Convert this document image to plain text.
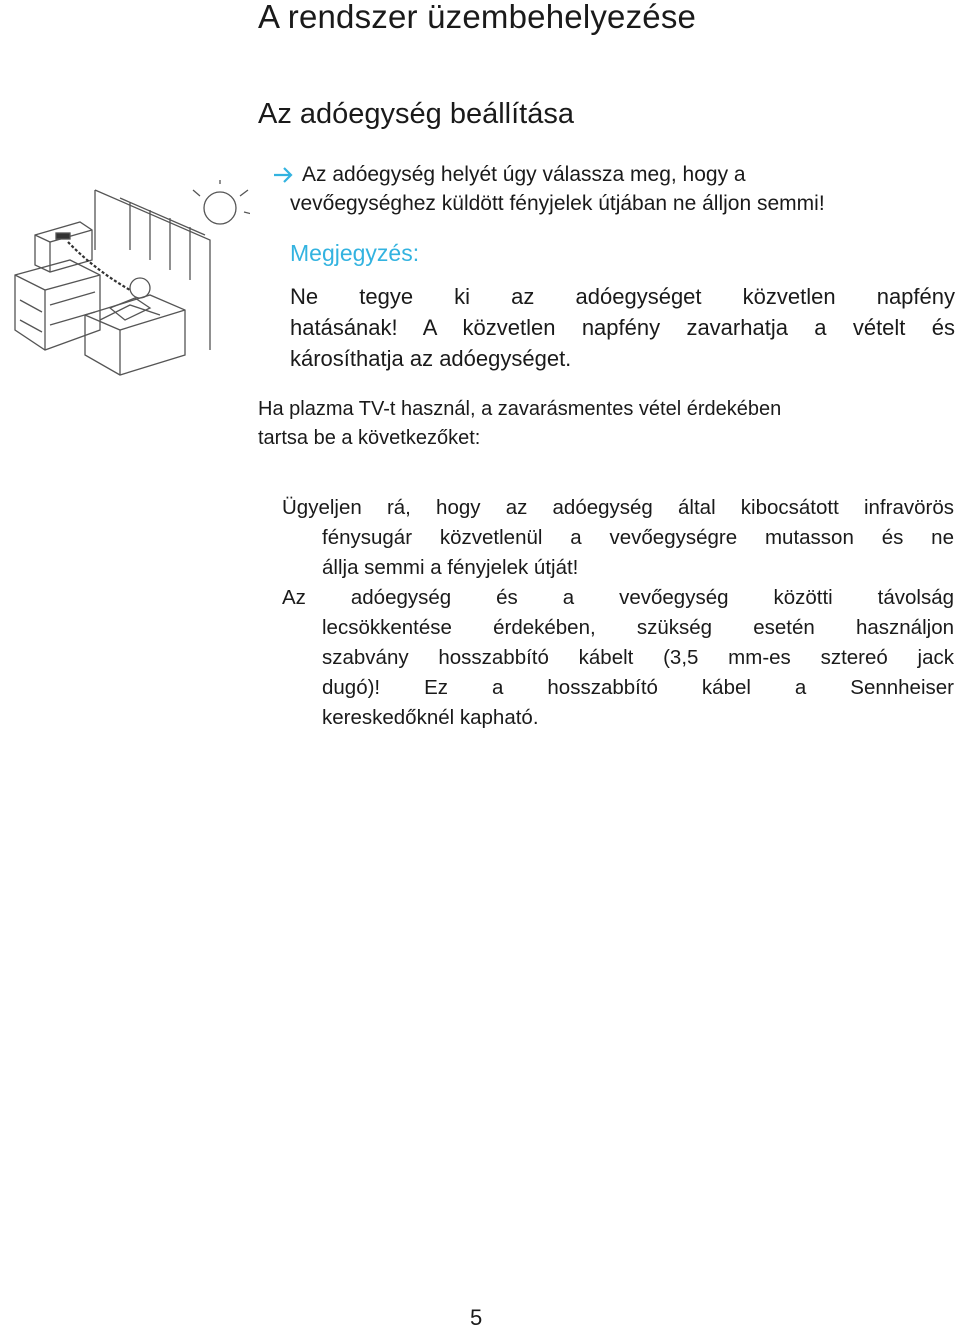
A rendszer üzembehelyezése
Az adóegység beállítása
Az adóegység helyét úgy válassza meg, hogy a
vevőegységhez küldött fényjelek útjában ne álljon semmi!
Megjegyzés:
Ne tegye ki az adóegységet közvetlen napfény
hatásának! A közvetlen napfény zavarhatja a vételt és
károsíthatja az adóegységet.
Ha plazma TV-t használ, a zavarásmentes vétel érdekében
tartsa be a következőket:
Ügyeljen rá, hogy az adóegység által kibocsátott infravörös
fénysugár közvetlenül a vevőegységre mutasson és ne
állja semmi a fényjelek útját!
Az adóegység és a vevőegység közötti távolság
lecsökkentése érdekében, szükség esetén használjon
szabvány hosszabbító kábelt (3,5 mm-es sztereó jack
dugó)! Ez a hosszabbító kábel a Sennheiser
kereskedőknél kapható.
5
